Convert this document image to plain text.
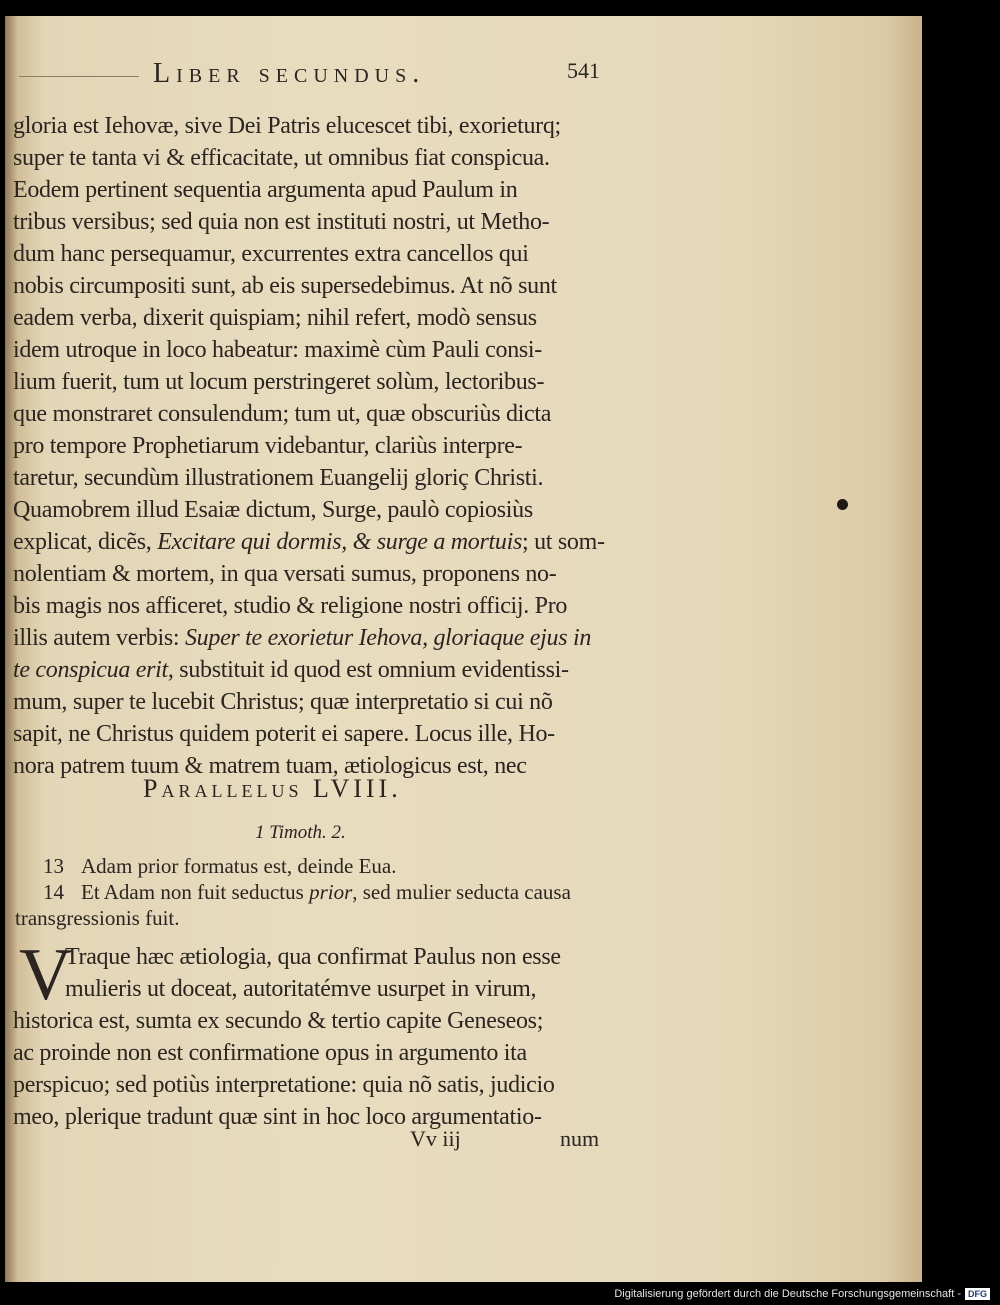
Liber secundus.	541
gloria est Iehovæ, sive Dei Patris elucescet tibi, exorieturq;
super te tanta vi & efficacitate, ut omnibus fiat conspicua.
Eodem pertinent sequentia argumenta apud Paulum in
tribus versibus; sed quia non est instituti nostri, ut Metho-
dum hanc persequamur, excurrentes extra cancellos qui
nobis circumpositi sunt, ab eis supersedebimus. At nõ sunt
eadem verba, dixerit quispiam; nihil refert, modò sensus
idem utroque in loco habeatur: maximè cùm Pauli consi-
lium fuerit, tum ut locum perstringeret solùm, lectoribus-
que monstraret consulendum; tum ut, quæ obscuriùs dicta
pro tempore Prophetiarum videbantur, clariùs interpre-
taretur, secundùm illustrationem Euangelij gloriç Christi.
Quamobrem illud Esaiæ dictum, Surge, paulò copiosiùs
explicat, dicẽs, Excitare qui dormis, & surge a mortuis; ut som-
nolentiam & mortem, in qua versati sumus, proponens no-
bis magis nos afficeret, studio & religione nostri officij. Pro
illis autem verbis: Super te exorietur Iehova, gloriaque ejus in
te conspicua erit, substituit id quod est omnium evidentissi-
mum, super te lucebit Christus; quæ interpretatio si cui nõ
sapit, ne Christus quidem poterit ei sapere. Locus ille, Ho-
nora patrem tuum & matrem tuam, ætiologicus est, nec
Parallelus LVIII.
1 Timoth. 2.
13 Adam prior formatus est, deinde Eua.
14 Et Adam non fuit seductus prior, sed mulier seducta causa
transgressionis fuit.
V
Traque hæc ætiologia, qua confirmat Paulus non esse
mulieris ut doceat, autoritatémve usurpet in virum,
historica est, sumta ex secundo & tertio capite Geneseos;
ac proinde non est confirmatione opus in argumento ita
perspicuo; sed potiùs interpretatione: quia nõ satis, judicio
meo, plerique tradunt quæ sint in hoc loco argumentatio-
Vv iij	num
Digitalisierung gefördert durch die Deutsche Forschungsgemeinschaft - DFG
